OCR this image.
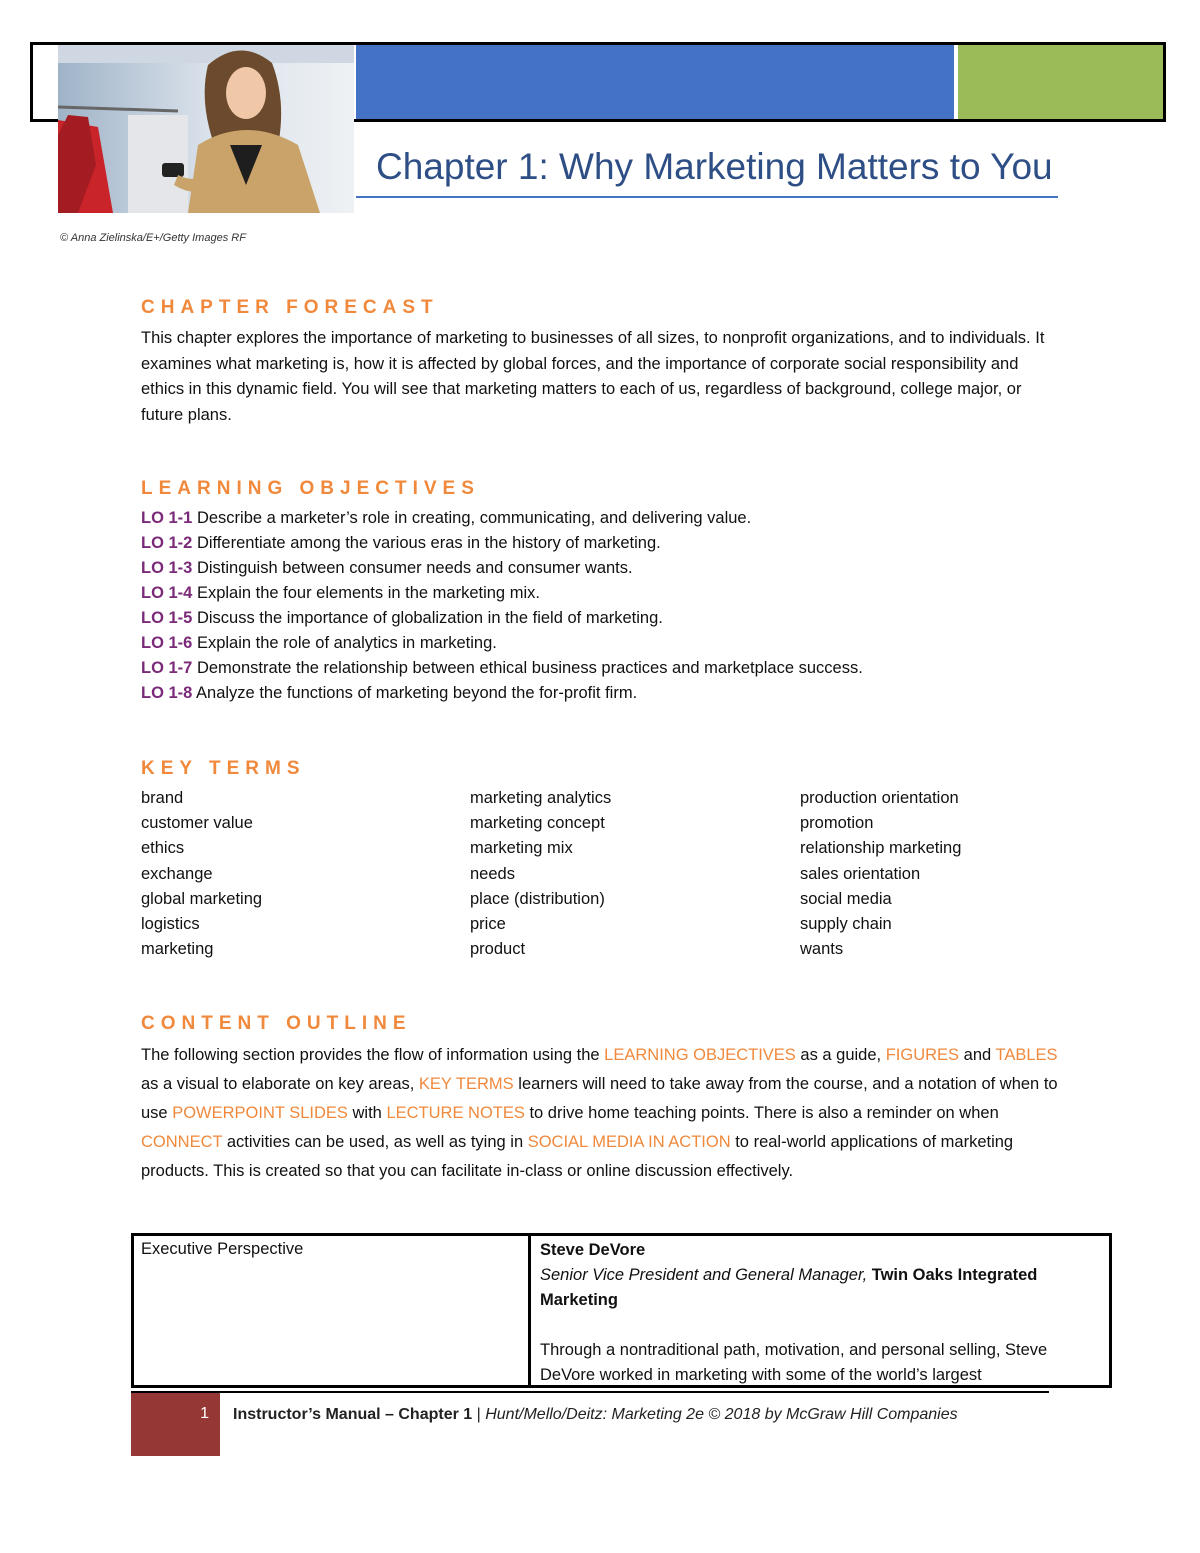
Chapter 1: Why Marketing Matters to You
© Anna Zielinska/E+/Getty Images RF
CHAPTER FORECAST
This chapter explores the importance of marketing to businesses of all sizes, to nonprofit organizations, and to individuals. It examines what marketing is, how it is affected by global forces, and the importance of corporate social responsibility and ethics in this dynamic field. You will see that marketing matters to each of us, regardless of background, college major, or future plans.
LEARNING OBJECTIVES
LO 1-1 Describe a marketer’s role in creating, communicating, and delivering value.
LO 1-2 Differentiate among the various eras in the history of marketing.
LO 1-3 Distinguish between consumer needs and consumer wants.
LO 1-4 Explain the four elements in the marketing mix.
LO 1-5 Discuss the importance of globalization in the field of marketing.
LO 1-6 Explain the role of analytics in marketing.
LO 1-7 Demonstrate the relationship between ethical business practices and marketplace success.
LO 1-8 Analyze the functions of marketing beyond the for-profit firm.
KEY TERMS
brand
customer value
ethics
exchange
global marketing
logistics
marketing
marketing analytics
marketing concept
marketing mix
needs
place (distribution)
price
product
production orientation
promotion
relationship marketing
sales orientation
social media
supply chain
wants
CONTENT OUTLINE
The following section provides the flow of information using the LEARNING OBJECTIVES as a guide, FIGURES and TABLES as a visual to elaborate on key areas, KEY TERMS learners will need to take away from the course, and a notation of when to use POWERPOINT SLIDES with LECTURE NOTES to drive home teaching points. There is also a reminder on when CONNECT activities can be used, as well as tying in SOCIAL MEDIA IN ACTION to real-world applications of marketing products. This is created so that you can facilitate in-class or online discussion effectively.
Executive Perspective	Steve DeVore
Senior Vice President and General Manager, Twin Oaks Integrated Marketing
Through a nontraditional path, motivation, and personal selling, Steve DeVore worked in marketing with some of the world’s largest
1 Instructor’s Manual – Chapter 1 | Hunt/Mello/Deitz: Marketing 2e © 2018 by McGraw Hill Companies
